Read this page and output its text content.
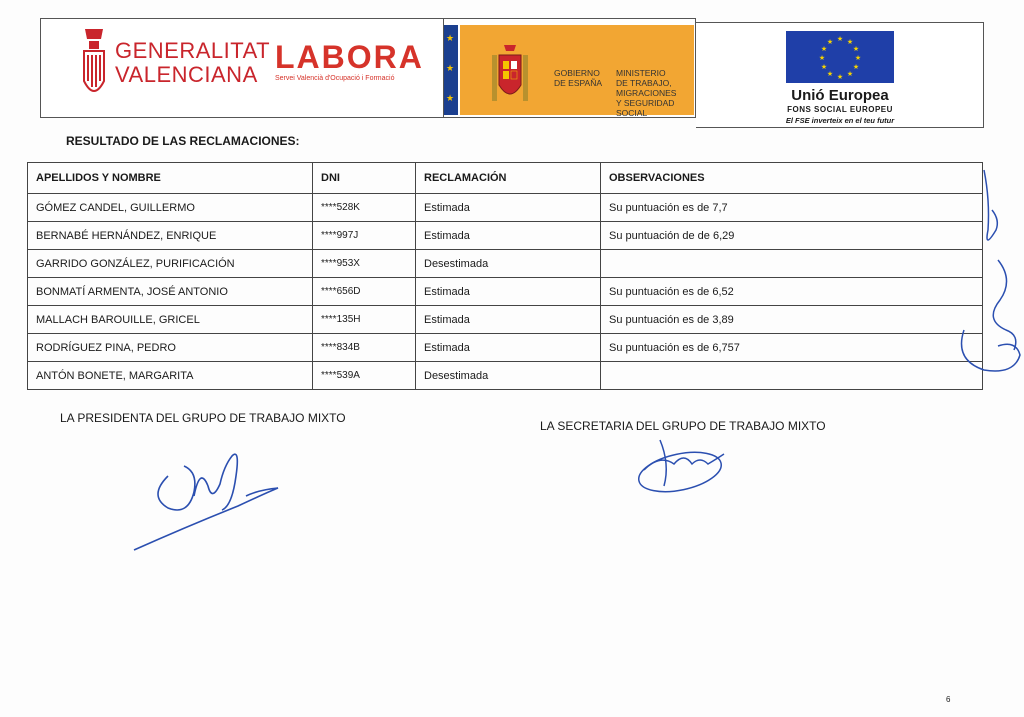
GENERALITAT
VALENCIANA LABORA
Servei Valencià d'Ocupació i Formació
★
★
★
GOBIERNO
DE ESPAÑA
MINISTERIO
DE TRABAJO, MIGRACIONES
Y SEGURIDAD SOCIAL
★ ★
★
★
★
★
★
★
★
★
★
★
Unió Europea
FONS SOCIAL EUROPEU
El FSE inverteix en el teu futur
RESULTADO DE LAS RECLAMACIONES:
APELLIDOS Y NOMBRE	DNI	RECLAMACIÓN	OBSERVACIONES
GÓMEZ CANDEL, GUILLERMO	****528K	Estimada	Su puntuación es de 7,7
BERNABÉ HERNÁNDEZ, ENRIQUE	****997J	Estimada	Su puntuación de de 6,29
GARRIDO GONZÁLEZ, PURIFICACIÓN	****953X	Desestimada	
BONMATÍ ARMENTA, JOSÉ ANTONIO	****656D	Estimada	Su puntuación es de 6,52
MALLACH BAROUILLE, GRICEL	****135H	Estimada	Su puntuación es de 3,89
RODRÍGUEZ PINA, PEDRO	****834B	Estimada	Su puntuación es de 6,757
ANTÓN BONETE, MARGARITA	****539A	Desestimada	
LA PRESIDENTA DEL GRUPO DE TRABAJO MIXTO
LA SECRETARIA DEL GRUPO DE TRABAJO MIXTO
6
